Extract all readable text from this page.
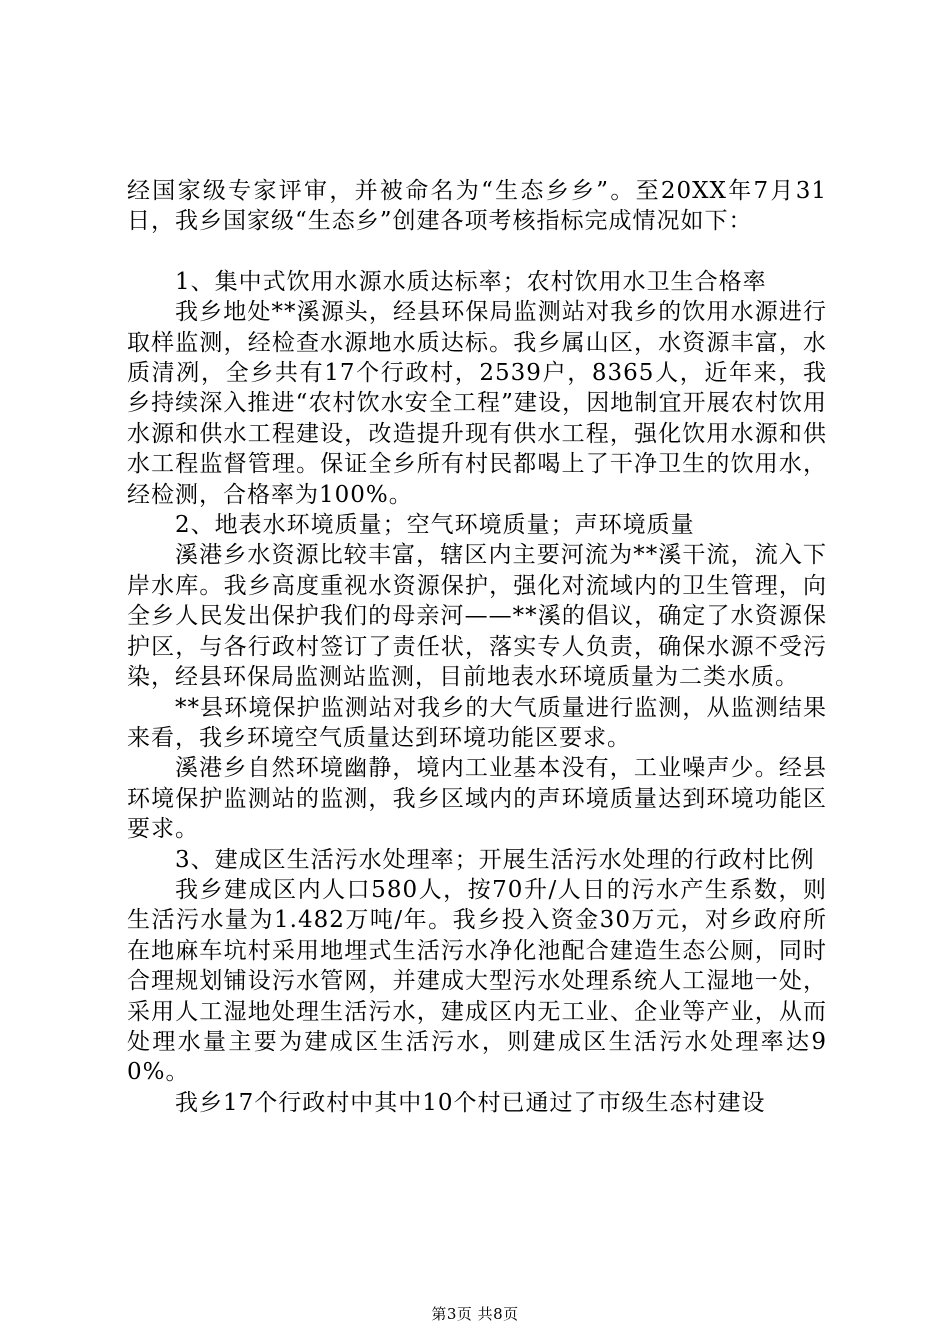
经国家级专家评审，并被命名为“生态乡乡”。至20XX年7月31日，我乡国家级“生态乡”创建各项考核指标完成情况如下：

1、集中式饮用水源水质达标率；农村饮用水卫生合格率

我乡地处**溪源头，经县环保局监测站对我乡的饮用水源进行取样监测，经检查水源地水质达标。我乡属山区，水资源丰富，水质清冽，全乡共有17个行政村，2539户，8365人，近年来，我乡持续深入推进“农村饮水安全工程”建设，因地制宜开展农村饮用水源和供水工程建设，改造提升现有供水工程，强化饮用水源和供水工程监督管理。保证全乡所有村民都喝上了干净卫生的饮用水，经检测，合格率为100%。

2、地表水环境质量；空气环境质量；声环境质量

溪港乡水资源比较丰富，辖区内主要河流为**溪干流，流入下岸水库。我乡高度重视水资源保护，强化对流域内的卫生管理，向全乡人民发出保护我们的母亲河——**溪的倡议，确定了水资源保护区，与各行政村签订了责任状，落实专人负责，确保水源不受污染，经县环保局监测站监测，目前地表水环境质量为二类水质。

**县环境保护监测站对我乡的大气质量进行监测，从监测结果来看，我乡环境空气质量达到环境功能区要求。

溪港乡自然环境幽静，境内工业基本没有，工业噪声少。经县环境保护监测站的监测，我乡区域内的声环境质量达到环境功能区要求。

3、建成区生活污水处理率；开展生活污水处理的行政村比例

我乡建成区内人口580人，按70升/人日的污水产生系数，则生活污水量为1.482万吨/年。我乡投入资金30万元，对乡政府所在地麻车坑村采用地埋式生活污水净化池配合建造生态公厕，同时合理规划铺设污水管网，并建成大型污水处理系统人工湿地一处，采用人工湿地处理生活污水，建成区内无工业、企业等产业，从而处理水量主要为建成区生活污水，则建成区生活污水处理率达90%。

我乡17个行政村中其中10个村已通过了市级生态村建设

第3页 共8页
